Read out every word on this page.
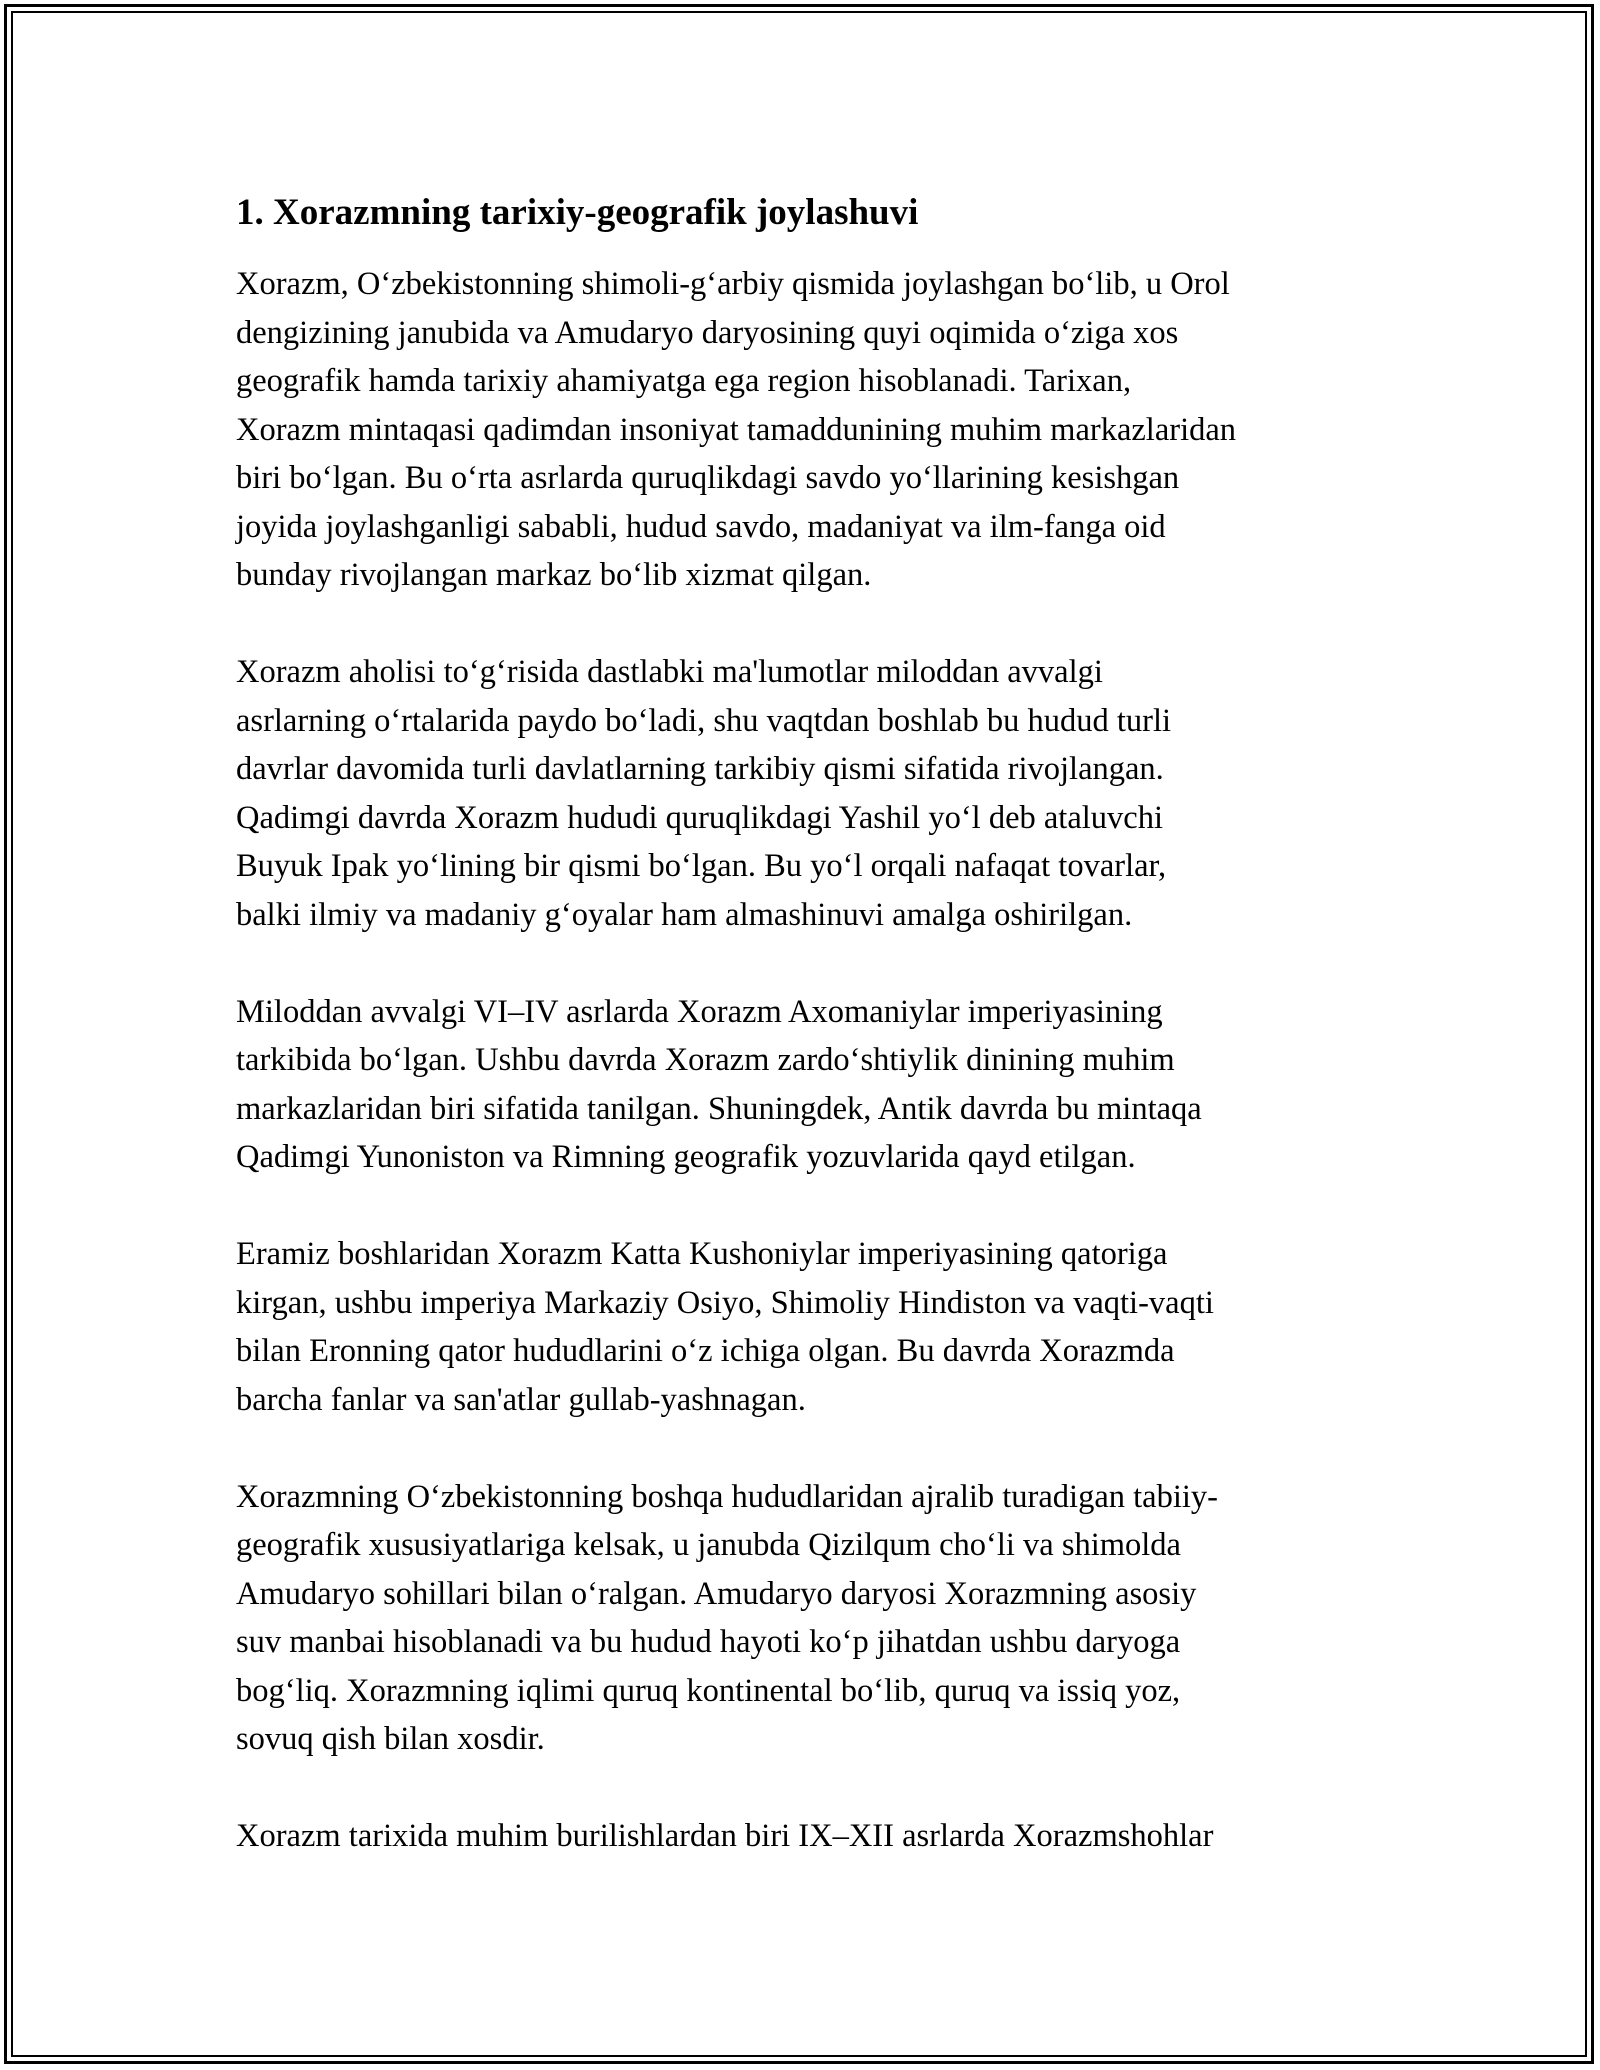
1. Xorazmning tarixiy-geografik joylashuvi
Xorazm, O‘zbekistonning shimoli-g‘arbiy qismida joylashgan bo‘lib, u Orol
dengizining janubida va Amudaryo daryosining quyi oqimida o‘ziga xos
geografik hamda tarixiy ahamiyatga ega region hisoblanadi. Tarixan,
Xorazm mintaqasi qadimdan insoniyat tamaddunining muhim markazlaridan
biri bo‘lgan. Bu o‘rta asrlarda quruqlikdagi savdo yo‘llarining kesishgan
joyida joylashganligi sababli, hudud savdo, madaniyat va ilm-fanga oid
bunday rivojlangan markaz bo‘lib xizmat qilgan.
Xorazm aholisi to‘g‘risida dastlabki ma'lumotlar miloddan avvalgi
asrlarning o‘rtalarida paydo bo‘ladi, shu vaqtdan boshlab bu hudud turli
davrlar davomida turli davlatlarning tarkibiy qismi sifatida rivojlangan.
Qadimgi davrda Xorazm hududi quruqlikdagi Yashil yo‘l deb ataluvchi
Buyuk Ipak yo‘lining bir qismi bo‘lgan. Bu yo‘l orqali nafaqat tovarlar,
balki ilmiy va madaniy g‘oyalar ham almashinuvi amalga oshirilgan.
Miloddan avvalgi VI–IV asrlarda Xorazm Axomaniylar imperiyasining
tarkibida bo‘lgan. Ushbu davrda Xorazm zardo‘shtiylik dinining muhim
markazlaridan biri sifatida tanilgan. Shuningdek, Antik davrda bu mintaqa
Qadimgi Yunoniston va Rimning geografik yozuvlarida qayd etilgan.
Eramiz boshlaridan Xorazm Katta Kushoniylar imperiyasining qatoriga
kirgan, ushbu imperiya Markaziy Osiyo, Shimoliy Hindiston va vaqti-vaqti
bilan Eronning qator hududlarini o‘z ichiga olgan. Bu davrda Xorazmda
barcha fanlar va san'atlar gullab-yashnagan.
Xorazmning O‘zbekistonning boshqa hududlaridan ajralib turadigan tabiiy-
geografik xususiyatlariga kelsak, u janubda Qizilqum cho‘li va shimolda
Amudaryo sohillari bilan o‘ralgan. Amudaryo daryosi Xorazmning asosiy
suv manbai hisoblanadi va bu hudud hayoti ko‘p jihatdan ushbu daryoga
bog‘liq. Xorazmning iqlimi quruq kontinental bo‘lib, quruq va issiq yoz,
sovuq qish bilan xosdir.
Xorazm tarixida muhim burilishlardan biri IX–XII asrlarda Xorazmshohlar
